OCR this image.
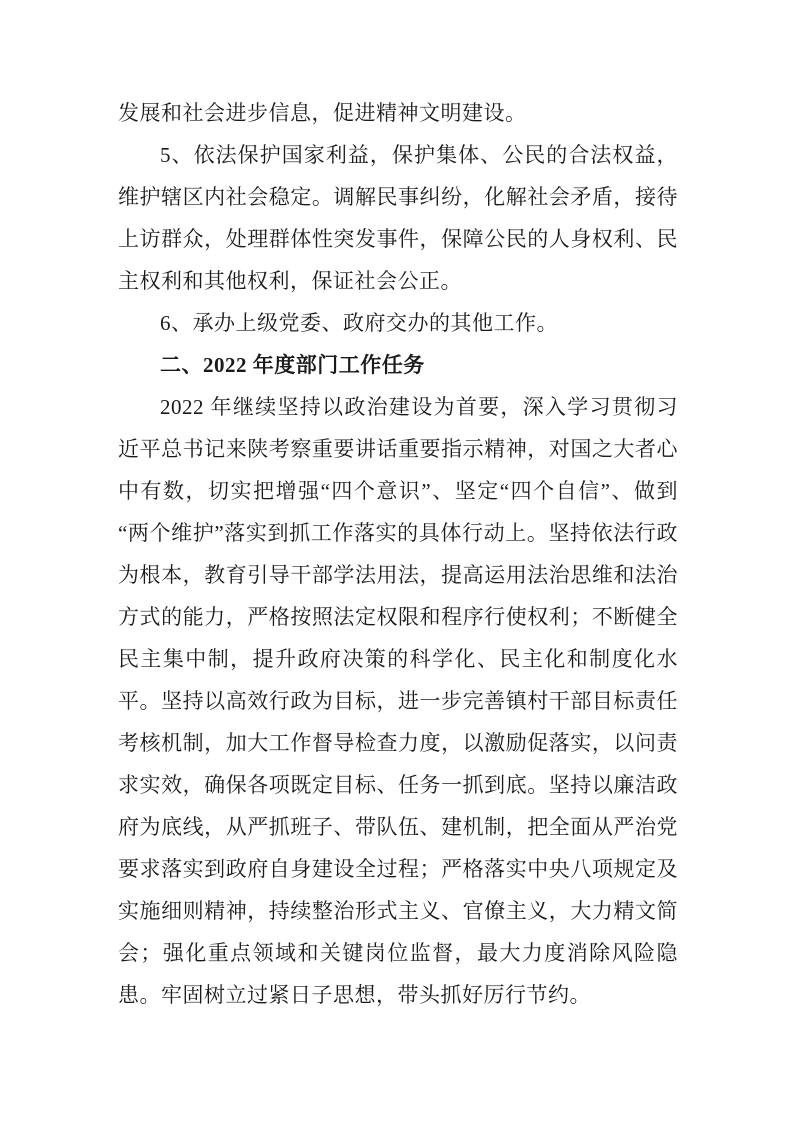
发展和社会进步信息，促进精神文明建设。

5、依法保护国家利益，保护集体、公民的合法权益，维护辖区内社会稳定。调解民事纠纷，化解社会矛盾，接待上访群众，处理群体性突发事件，保障公民的人身权利、民主权利和其他权利，保证社会公正。

6、承办上级党委、政府交办的其他工作。

二、2022 年度部门工作任务

2022 年继续坚持以政治建设为首要，深入学习贯彻习近平总书记来陕考察重要讲话重要指示精神，对国之大者心中有数，切实把增强“四个意识”、坚定“四个自信”、做到“两个维护”落实到抓工作落实的具体行动上。坚持依法行政为根本，教育引导干部学法用法，提高运用法治思维和法治方式的能力，严格按照法定权限和程序行使权利；不断健全民主集中制，提升政府决策的科学化、民主化和制度化水平。坚持以高效行政为目标，进一步完善镇村干部目标责任考核机制，加大工作督导检查力度，以激励促落实，以问责求实效，确保各项既定目标、任务一抓到底。坚持以廉洁政府为底线，从严抓班子、带队伍、建机制，把全面从严治党要求落实到政府自身建设全过程；严格落实中央八项规定及实施细则精神，持续整治形式主义、官僚主义，大力精文简会；强化重点领域和关键岗位监督，最大力度消除风险隐患。牢固树立过紧日子思想，带头抓好厉行节约。
